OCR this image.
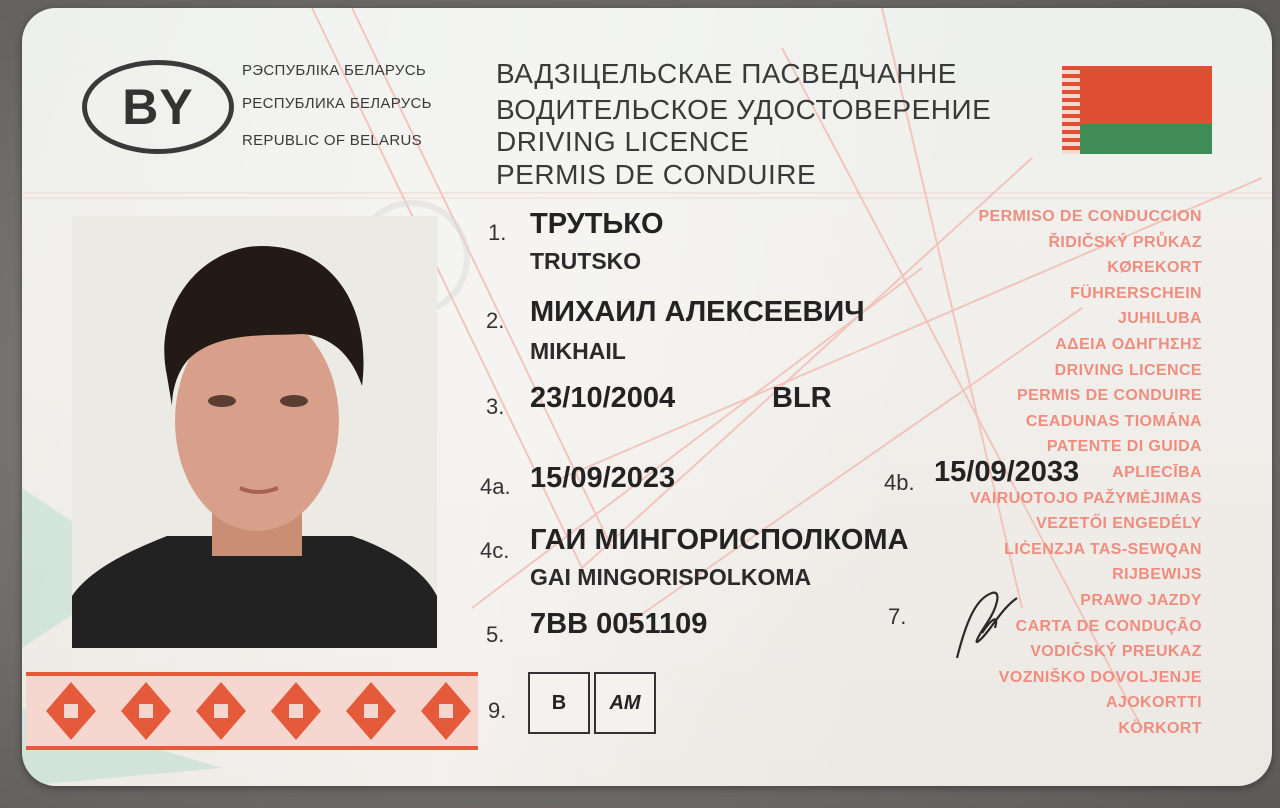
BY
РЭСПУБЛІКА БЕЛАРУСЬ
РЕСПУБЛИКА БЕЛАРУСЬ
REPUBLIC OF BELARUS
ВАДЗІЦЕЛЬСКАЕ ПАСВЕДЧАННЕ
ВОДИТЕЛЬСКОЕ УДОСТОВЕРЕНИЕ
DRIVING LICENCE
PERMIS DE CONDUIRE
1. ТРУТЬКО
TRUTSKO
2. МИХАИЛ АЛЕКСЕЕВИЧ
MIKHAIL
3. 23/10/2004	BLR
4a. 15/09/2023	4b. 15/09/2033
4c. ГАИ МИНГОРИСПОЛКОМА
GAI MINGORISPOLKOMA
5. 7BB 0051109	7.
9.	B	AM
PERMISO DE CONDUCCION
ŘIDIČSKÝ PRŮKAZ
KØREKORT
FÜHRERSCHEIN
JUHILUBA
ΑΔΕΙΑ ΟΔΗΓΗΣΗΣ
DRIVING LICENCE
PERMIS DE CONDUIRE
CEADUNAS TIOMÁNA
PATENTE DI GUIDA
APLIECĪBA
VAIRUOTOJO PAŽYMĖJIMAS
VEZETŐI ENGEDÉLY
LIĊENZJA TAS-SEWQAN
RIJBEWIJS
PRAWO JAZDY
CARTA DE CONDUÇÃO
VODIČSKÝ PREUKAZ
VOZNIŠKO DOVOLJENJE
AJOKORTTI
KÖRKORT
